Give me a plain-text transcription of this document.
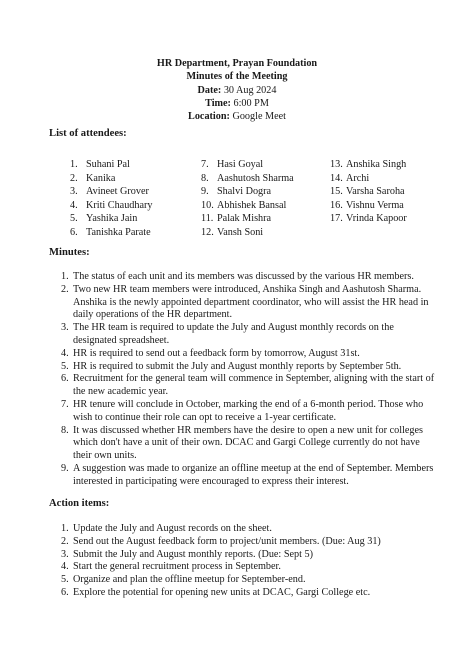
HR Department, Prayan Foundation
Minutes of the Meeting
Date: 30 Aug 2024
Time: 6:00 PM
Location: Google Meet
List of attendees:
1. Suhani Pal
2. Kanika
3. Avineet Grover
4. Kriti Chaudhary
5. Yashika Jain
6. Tanishka Parate
7. Hasi Goyal
8. Aashutosh Sharma
9. Shalvi Dogra
10. Abhishek Bansal
11. Palak Mishra
12. Vansh Soni
13. Anshika Singh
14. Archi
15. Varsha Saroha
16. Vishnu Verma
17. Vrinda Kapoor
Minutes:
1. The status of each unit and its members was discussed by the various HR members.
2. Two new HR team members were introduced, Anshika Singh and Aashutosh Sharma. Anshika is the newly appointed department coordinator, who will assist the HR head in daily operations of the HR department.
3. The HR team is required to update the July and August monthly records on the designated spreadsheet.
4. HR is required to send out a feedback form by tomorrow, August 31st.
5. HR is required to submit the July and August monthly reports by September 5th.
6. Recruitment for the general team will commence in September, aligning with the start of the new academic year.
7. HR tenure will conclude in October, marking the end of a 6-month period. Those who wish to continue their role can opt to receive a 1-year certificate.
8. It was discussed whether HR members have the desire to open a new unit for colleges which don't have a unit of their own. DCAC and Gargi College currently do not have their own units.
9. A suggestion was made to organize an offline meetup at the end of September. Members interested in participating were encouraged to express their interest.
Action items:
1. Update the July and August records on the sheet.
2. Send out the August feedback form to project/unit members. (Due: Aug 31)
3. Submit the July and August monthly reports. (Due: Sept 5)
4. Start the general recruitment process in September.
5. Organize and plan the offline meetup for September-end.
6. Explore the potential for opening new units at DCAC, Gargi College etc.
